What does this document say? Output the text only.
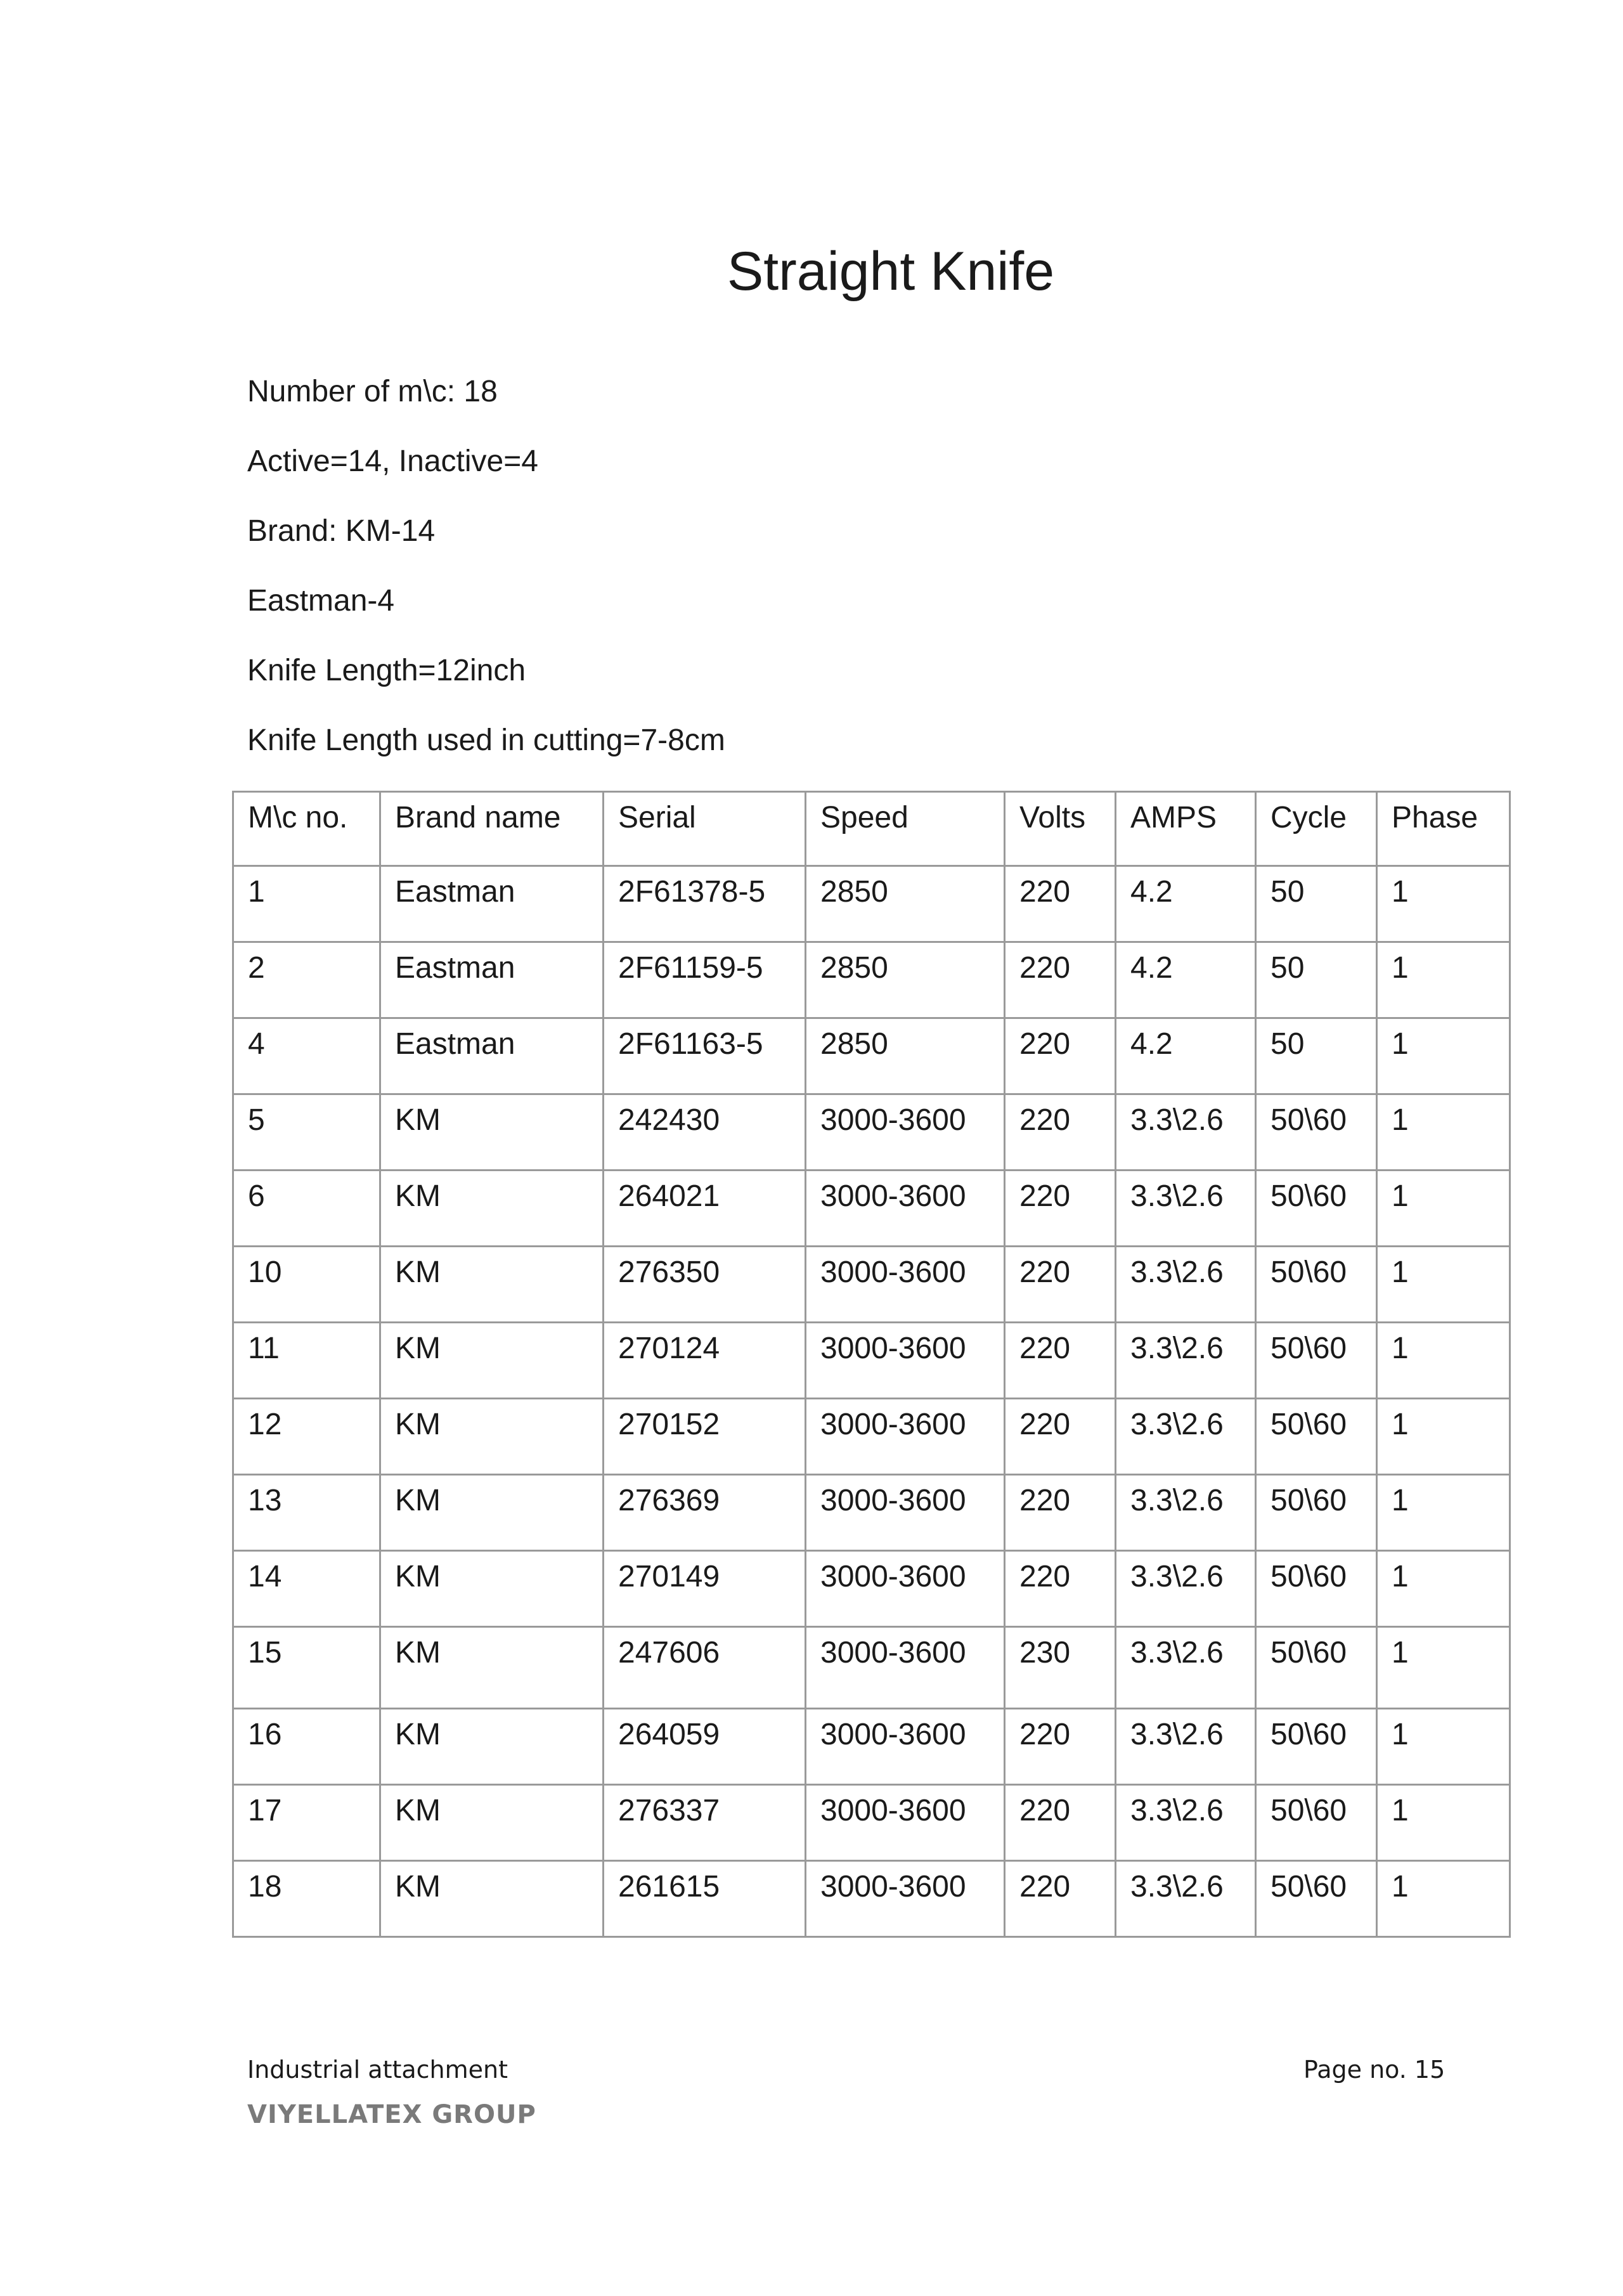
Straight Knife

Number of m\c: 18

Active=14, Inactive=4

Brand: KM-14

Eastman-4

Knife Length=12inch

Knife Length used in cutting=7-8cm

M\c no.	Brand name	Serial	Speed	Volts	AMPS	Cycle	Phase
1	Eastman	2F61378-5	2850	220	4.2	50	1
2	Eastman	2F61159-5	2850	220	4.2	50	1
4	Eastman	2F61163-5	2850	220	4.2	50	1
5	KM	242430	3000-3600	220	3.3\2.6	50\60	1
6	KM	264021	3000-3600	220	3.3\2.6	50\60	1
10	KM	276350	3000-3600	220	3.3\2.6	50\60	1
11	KM	270124	3000-3600	220	3.3\2.6	50\60	1
12	KM	270152	3000-3600	220	3.3\2.6	50\60	1
13	KM	276369	3000-3600	220	3.3\2.6	50\60	1
14	KM	270149	3000-3600	220	3.3\2.6	50\60	1
15	KM	247606	3000-3600	230	3.3\2.6	50\60	1
16	KM	264059	3000-3600	220	3.3\2.6	50\60	1
17	KM	276337	3000-3600	220	3.3\2.6	50\60	1
18	KM	261615	3000-3600	220	3.3\2.6	50\60	1

Industrial attachment	Page no. 15

VIYELLATEX GROUP
